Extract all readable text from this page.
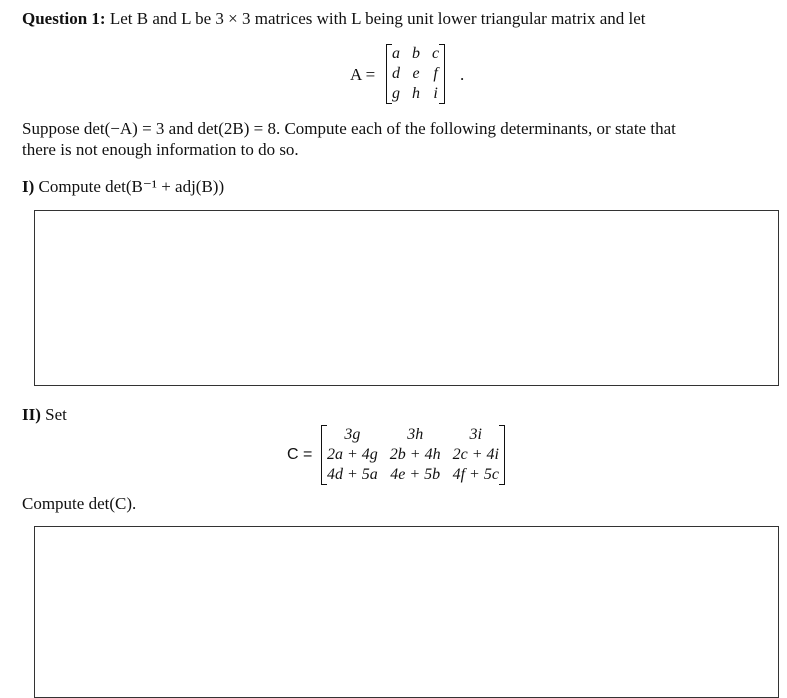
Question 1: Let B and L be 3 × 3 matrices with L being unit lower triangular matrix and let
A =
a	b	c
d	e	f
g	h	i
.
Suppose det(−A) = 3 and det(2B) = 8. Compute each of the following determinants, or state that
there is not enough information to do so.
I) Compute det(B⁻¹ + adj(B))
II) Set
C =
3g	3h	3i
2a + 4g	2b + 4h	2c + 4i
4d + 5a	4e + 5b	4f + 5c
Compute det(C).
